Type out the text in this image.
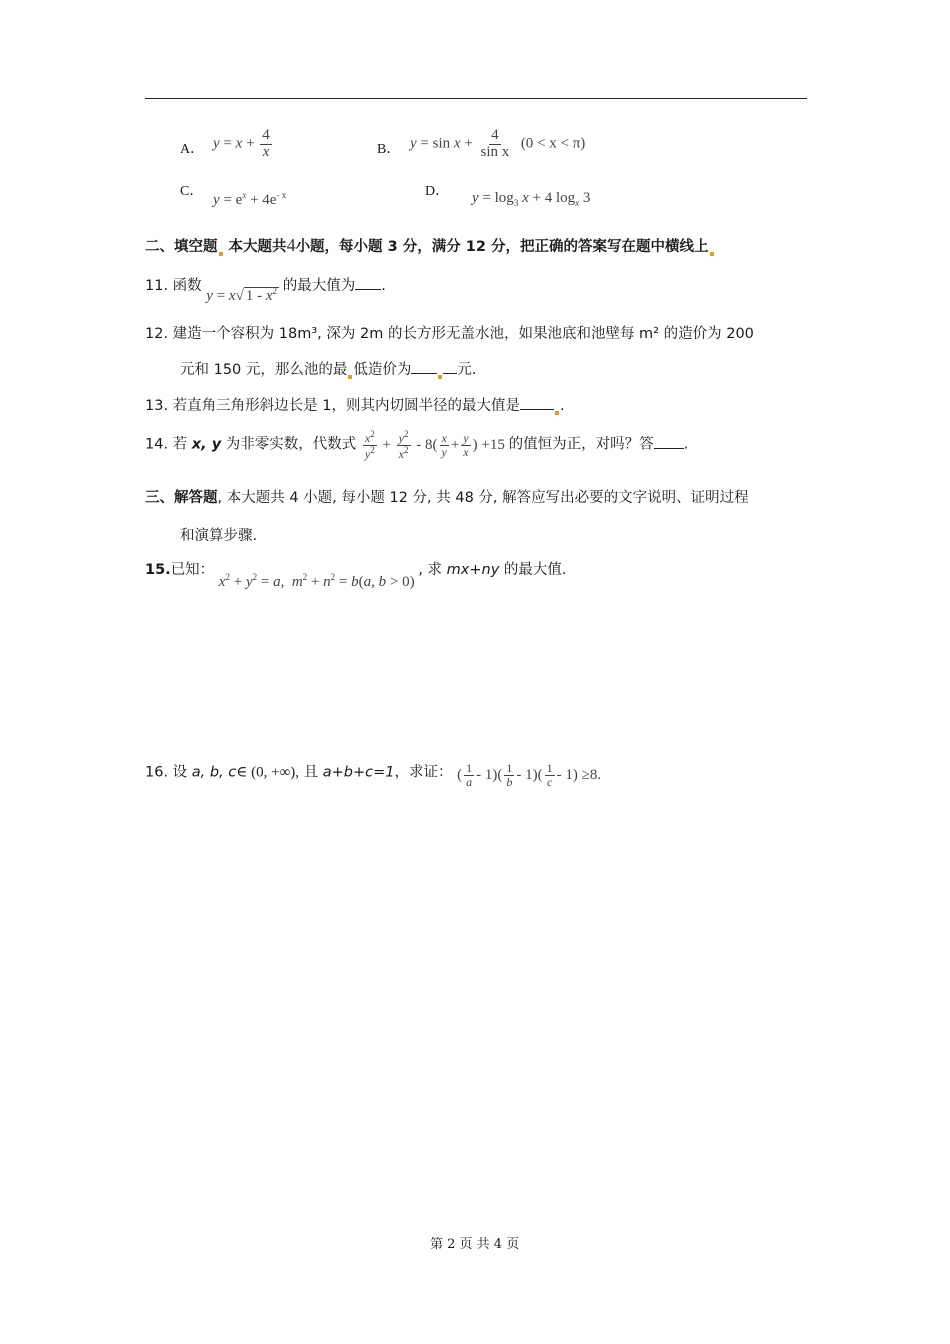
A． $y = x + \frac{4}{x}$	B． $y = \sin x + \frac{4}{\text{sin x}} (0 < x < \pi)$
C．
$y = e^x + 4e^{- x}$	D． $y = \log_3 x + 4$ $\log_x 3$
二、填空题 本大题共4小题，每小题 3 分，满分 12 分，把正确的答案写在题中横线上
11. 函数 y = x√ $1 - x^2$ 的最大值为 .
12. 建造一个容积为 18m³, 深为 2m 的长方形无盖水池，如果池底和池壁每 m² 的造价为 200
元和 150 元，那么池的最 低造价为	元.
13. 若直角三角形斜边长是 1，则其内切圆半径的最大值是	.
14. 若 x, y 为非零实数，代数式 $\frac{x^2}{y^2} + \frac{y^2}{x^2} - 8( \frac{x}{y} + \frac{y}{x}$ ) +15 的值恒为正，对吗？答 .
三、解答题, 本大题共 4 小题, 每小题 12 分, 共 48 分, 解答应写出必要的文字说明、证明过程
和演算步骤.
15.已知： $x^2 + y^2 = a$,  $m^2 + n^2 = b(a$, b > 0) , 求 mx+ny 的最大值.
16. 设 a, b, c∈ (0, +∞), 且 a+b+c=1，求证： ( $\frac{1}{a} - 1)( \frac{1}{b} - 1)( \frac{1}{c} - 1) \ge 8$.
第 2 页 共 4 页
